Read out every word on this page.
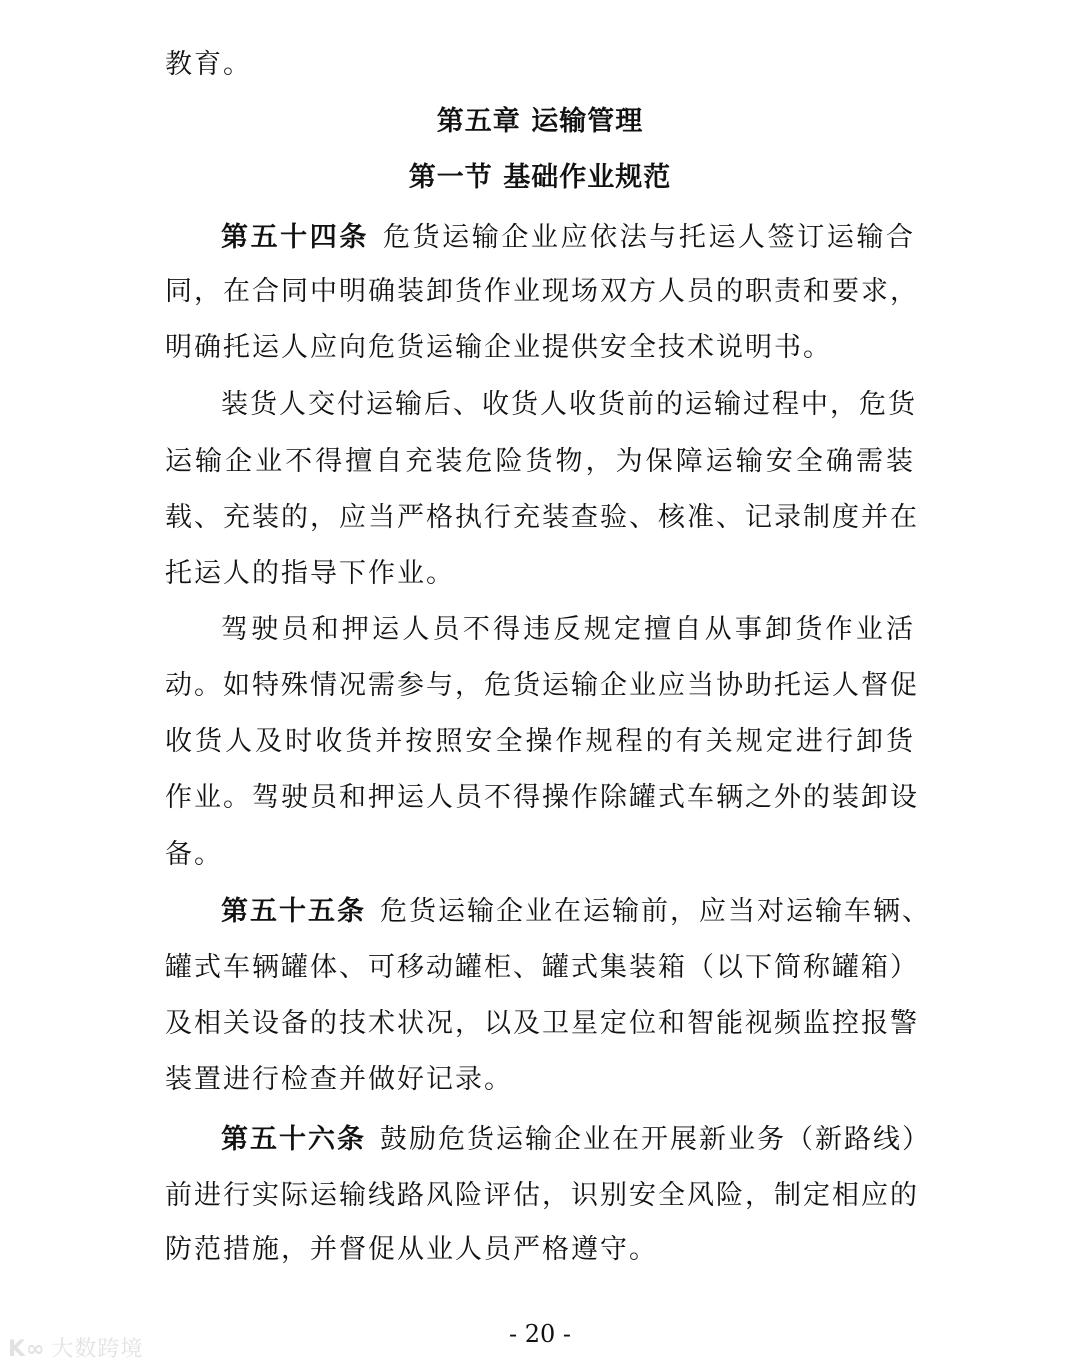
教育。
第五章 运输管理
第一节 基础作业规范
第五十四条 危货运输企业应依法与托运人签订运输合
同，在合同中明确装卸货作业现场双方人员的职责和要求，
明确托运人应向危货运输企业提供安全技术说明书。
装货人交付运输后、收货人收货前的运输过程中，危货
运输企业不得擅自充装危险货物，为保障运输安全确需装
载、充装的，应当严格执行充装查验、核准、记录制度并在
托运人的指导下作业。
驾驶员和押运人员不得违反规定擅自从事卸货作业活
动。如特殊情况需参与，危货运输企业应当协助托运人督促
收货人及时收货并按照安全操作规程的有关规定进行卸货
作业。驾驶员和押运人员不得操作除罐式车辆之外的装卸设
备。
第五十五条 危货运输企业在运输前，应当对运输车辆、
罐式车辆罐体、可移动罐柜、罐式集装箱（以下简称罐箱）
及相关设备的技术状况，以及卫星定位和智能视频监控报警
装置进行检查并做好记录。
第五十六条 鼓励危货运输企业在开展新业务（新路线）
前进行实际运输线路风险评估，识别安全风险，制定相应的
防范措施，并督促从业人员严格遵守。
- 20 -
K∞ 大数跨境
